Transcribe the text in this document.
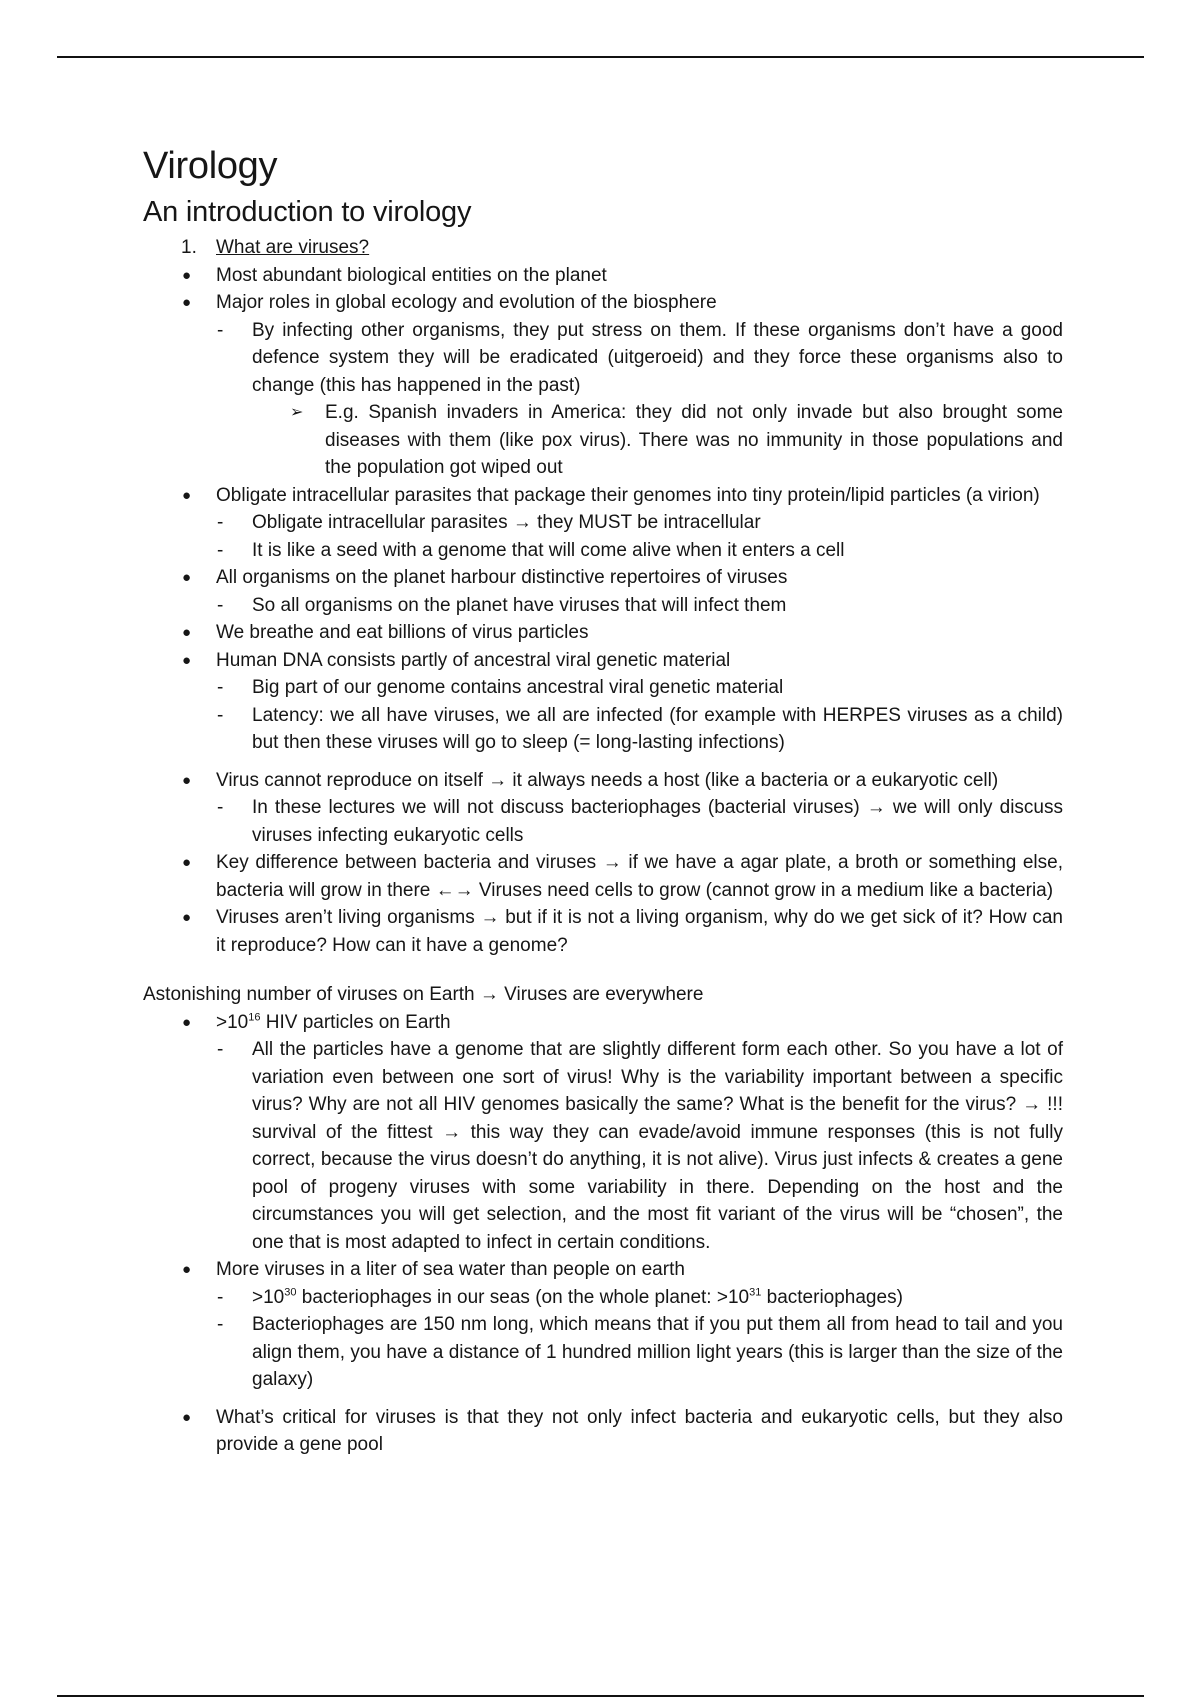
Virology
An introduction to virology
1. What are viruses?
● Most abundant biological entities on the planet
● Major roles in global ecology and evolution of the biosphere
- By infecting other organisms, they put stress on them. If these organisms don’t have a good defence system they will be eradicated (uitgeroeid) and they force these organisms also to change (this has happened in the past)
➢ E.g. Spanish invaders in America: they did not only invade but also brought some diseases with them (like pox virus). There was no immunity in those populations and the population got wiped out
● Obligate intracellular parasites that package their genomes into tiny protein/lipid particles (a virion)
- Obligate intracellular parasites → they MUST be intracellular
- It is like a seed with a genome that will come alive when it enters a cell
● All organisms on the planet harbour distinctive repertoires of viruses
- So all organisms on the planet have viruses that will infect them
● We breathe and eat billions of virus particles
● Human DNA consists partly of ancestral viral genetic material
- Big part of our genome contains ancestral viral genetic material
- Latency: we all have viruses, we all are infected (for example with HERPES viruses as a child) but then these viruses will go to sleep (= long-lasting infections)
● Virus cannot reproduce on itself → it always needs a host (like a bacteria or a eukaryotic cell)
- In these lectures we will not discuss bacteriophages (bacterial viruses) → we will only discuss viruses infecting eukaryotic cells
● Key difference between bacteria and viruses → if we have a agar plate, a broth or something else, bacteria will grow in there ←→ Viruses need cells to grow (cannot grow in a medium like a bacteria)
● Viruses aren’t living organisms → but if it is not a living organism, why do we get sick of it? How can it reproduce? How can it have a genome?
Astonishing number of viruses on Earth → Viruses are everywhere
● $>10^{16}$ HIV particles on Earth
- All the particles have a genome that are slightly different form each other. So you have a lot of variation even between one sort of virus! Why is the variability important between a specific virus? Why are not all HIV genomes basically the same? What is the benefit for the virus? → !!! survival of the fittest → this way they can evade/avoid immune responses (this is not fully correct, because the virus doesn’t do anything, it is not alive). Virus just infects & creates a gene pool of progeny viruses with some variability in there. Depending on the host and the circumstances you will get selection, and the most fit variant of the virus will be “chosen”, the one that is most adapted to infect in certain conditions.
● More viruses in a liter of sea water than people on earth
- $>10^{30}$ bacteriophages in our seas (on the whole planet: $>10^{31}$ bacteriophages)
- Bacteriophages are 150 nm long, which means that if you put them all from head to tail and you align them, you have a distance of 1 hundred million light years (this is larger than the size of the galaxy)
● What’s critical for viruses is that they not only infect bacteria and eukaryotic cells, but they also provide a gene pool
